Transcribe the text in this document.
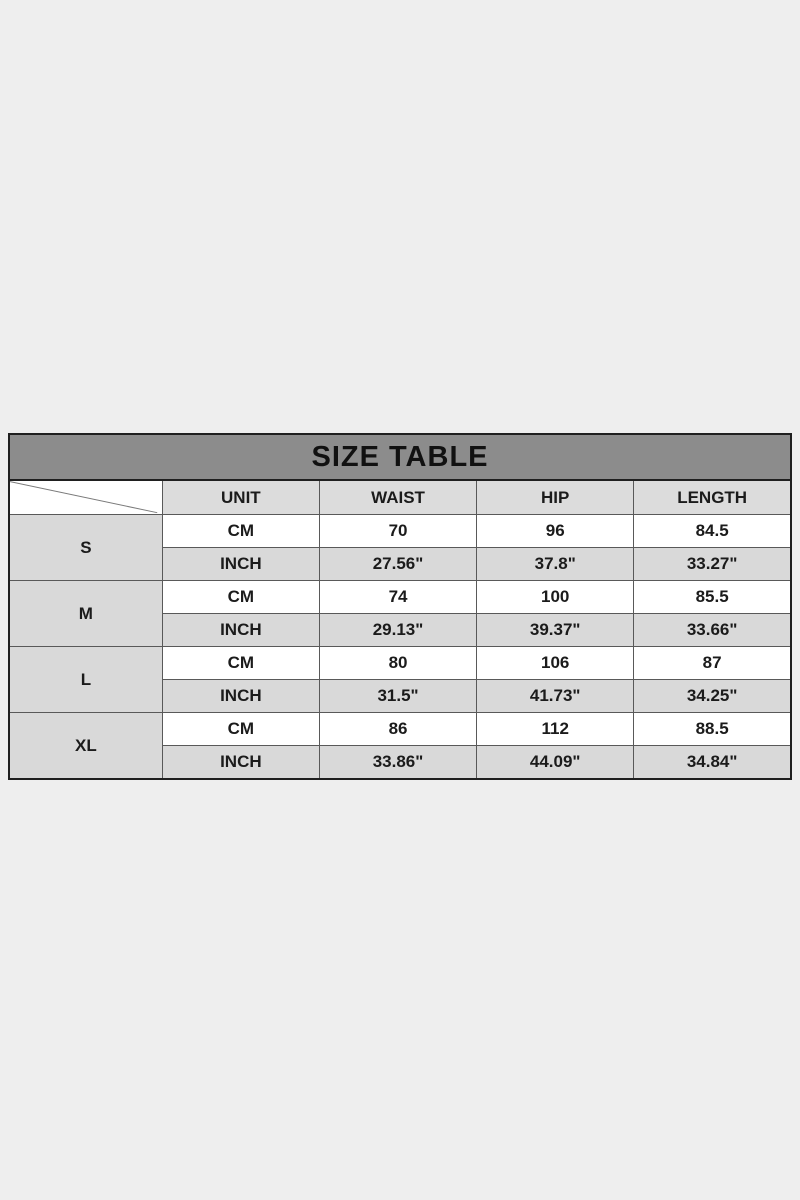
SIZE TABLE				

	UNIT	WAIST	HIP	LENGTH
S	CM	70	96	84.5
	INCH	27.56"	37.8"	33.27"
M	CM	74	100	85.5
	INCH	29.13"	39.37"	33.66"
L	CM	80	106	87
	INCH	31.5"	41.73"	34.25"
XL	CM	86	112	88.5
	INCH	33.86"	44.09"	34.84"
